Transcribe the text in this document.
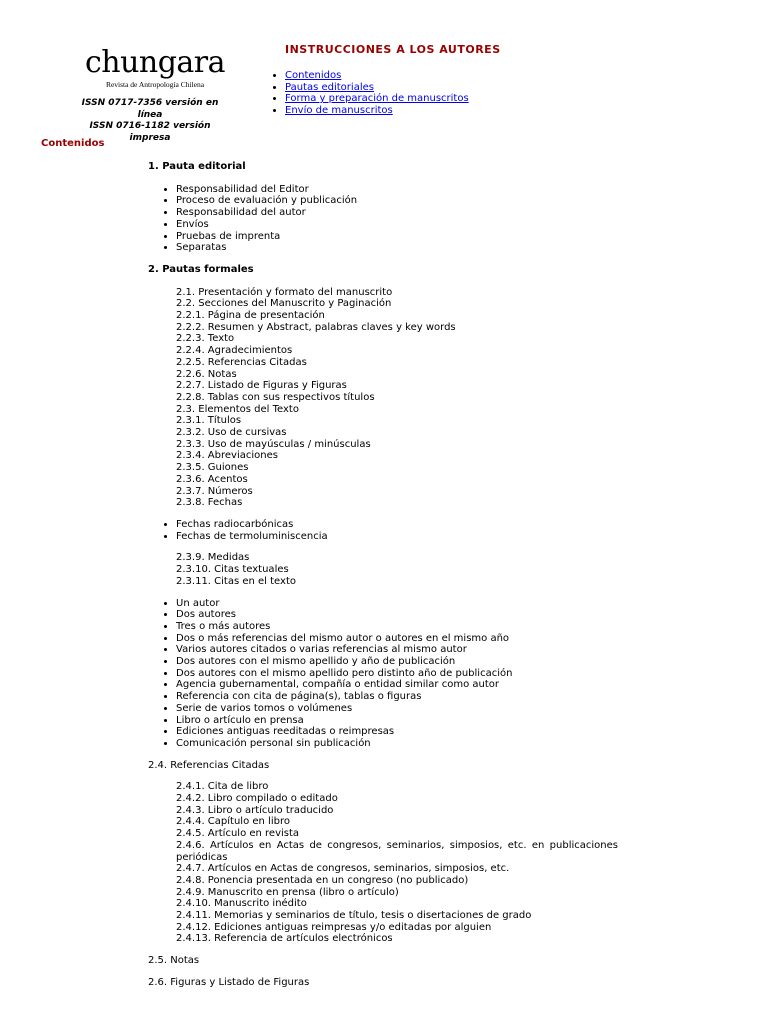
chungara
Revista de Antropología Chilena
ISSN 0717-7356 versión en línea
ISSN 0716-1182 versión impresa
INSTRUCCIONES A LOS AUTORES
• Contenidos
• Pautas editoriales
• Forma y preparación de manuscritos
• Envío de manuscritos
Contenidos

1. Pauta editorial

• Responsabilidad del Editor
• Proceso de evaluación y publicación
• Responsabilidad del autor
• Envíos
• Pruebas de imprenta
• Separatas

2. Pautas formales

2.1. Presentación y formato del manuscrito
2.2. Secciones del Manuscrito y Paginación
2.2.1. Página de presentación
2.2.2. Resumen y Abstract, palabras claves y key words
2.2.3. Texto
2.2.4. Agradecimientos
2.2.5. Referencias Citadas
2.2.6. Notas
2.2.7. Listado de Figuras y Figuras
2.2.8. Tablas con sus respectivos títulos
2.3. Elementos del Texto
2.3.1. Títulos
2.3.2. Uso de cursivas
2.3.3. Uso de mayúsculas / minúsculas
2.3.4. Abreviaciones
2.3.5. Guiones
2.3.6. Acentos
2.3.7. Números
2.3.8. Fechas
• Fechas radiocarbónicas
• Fechas de termoluminiscencia
2.3.9. Medidas
2.3.10. Citas textuales
2.3.11. Citas en el texto
• Un autor
• Dos autores
• Tres o más autores
• Dos o más referencias del mismo autor o autores en el mismo año
• Varios autores citados o varias referencias al mismo autor
• Dos autores con el mismo apellido y año de publicación
• Dos autores con el mismo apellido pero distinto año de publicación
• Agencia gubernamental, compañía o entidad similar como autor
• Referencia con cita de página(s), tablas o figuras
• Serie de varios tomos o volúmenes
• Libro o artículo en prensa
• Ediciones antiguas reeditadas o reimpresas
• Comunicación personal sin publicación

2.4. Referencias Citadas

2.4.1. Cita de libro
2.4.2. Libro compilado o editado
2.4.3. Libro o artículo traducido
2.4.4. Capítulo en libro
2.4.5. Artículo en revista
2.4.6. Artículos en Actas de congresos, seminarios, simposios, etc. en publicaciones periódicas
2.4.7. Artículos en Actas de congresos, seminarios, simposios, etc.
2.4.8. Ponencia presentada en un congreso (no publicado)
2.4.9. Manuscrito en prensa (libro o artículo)
2.4.10. Manuscrito inédito
2.4.11. Memorias y seminarios de título, tesis o disertaciones de grado
2.4.12. Ediciones antiguas reimpresas y/o editadas por alguien
2.4.13. Referencia de artículos electrónicos

2.5. Notas

2.6. Figuras y Listado de Figuras
